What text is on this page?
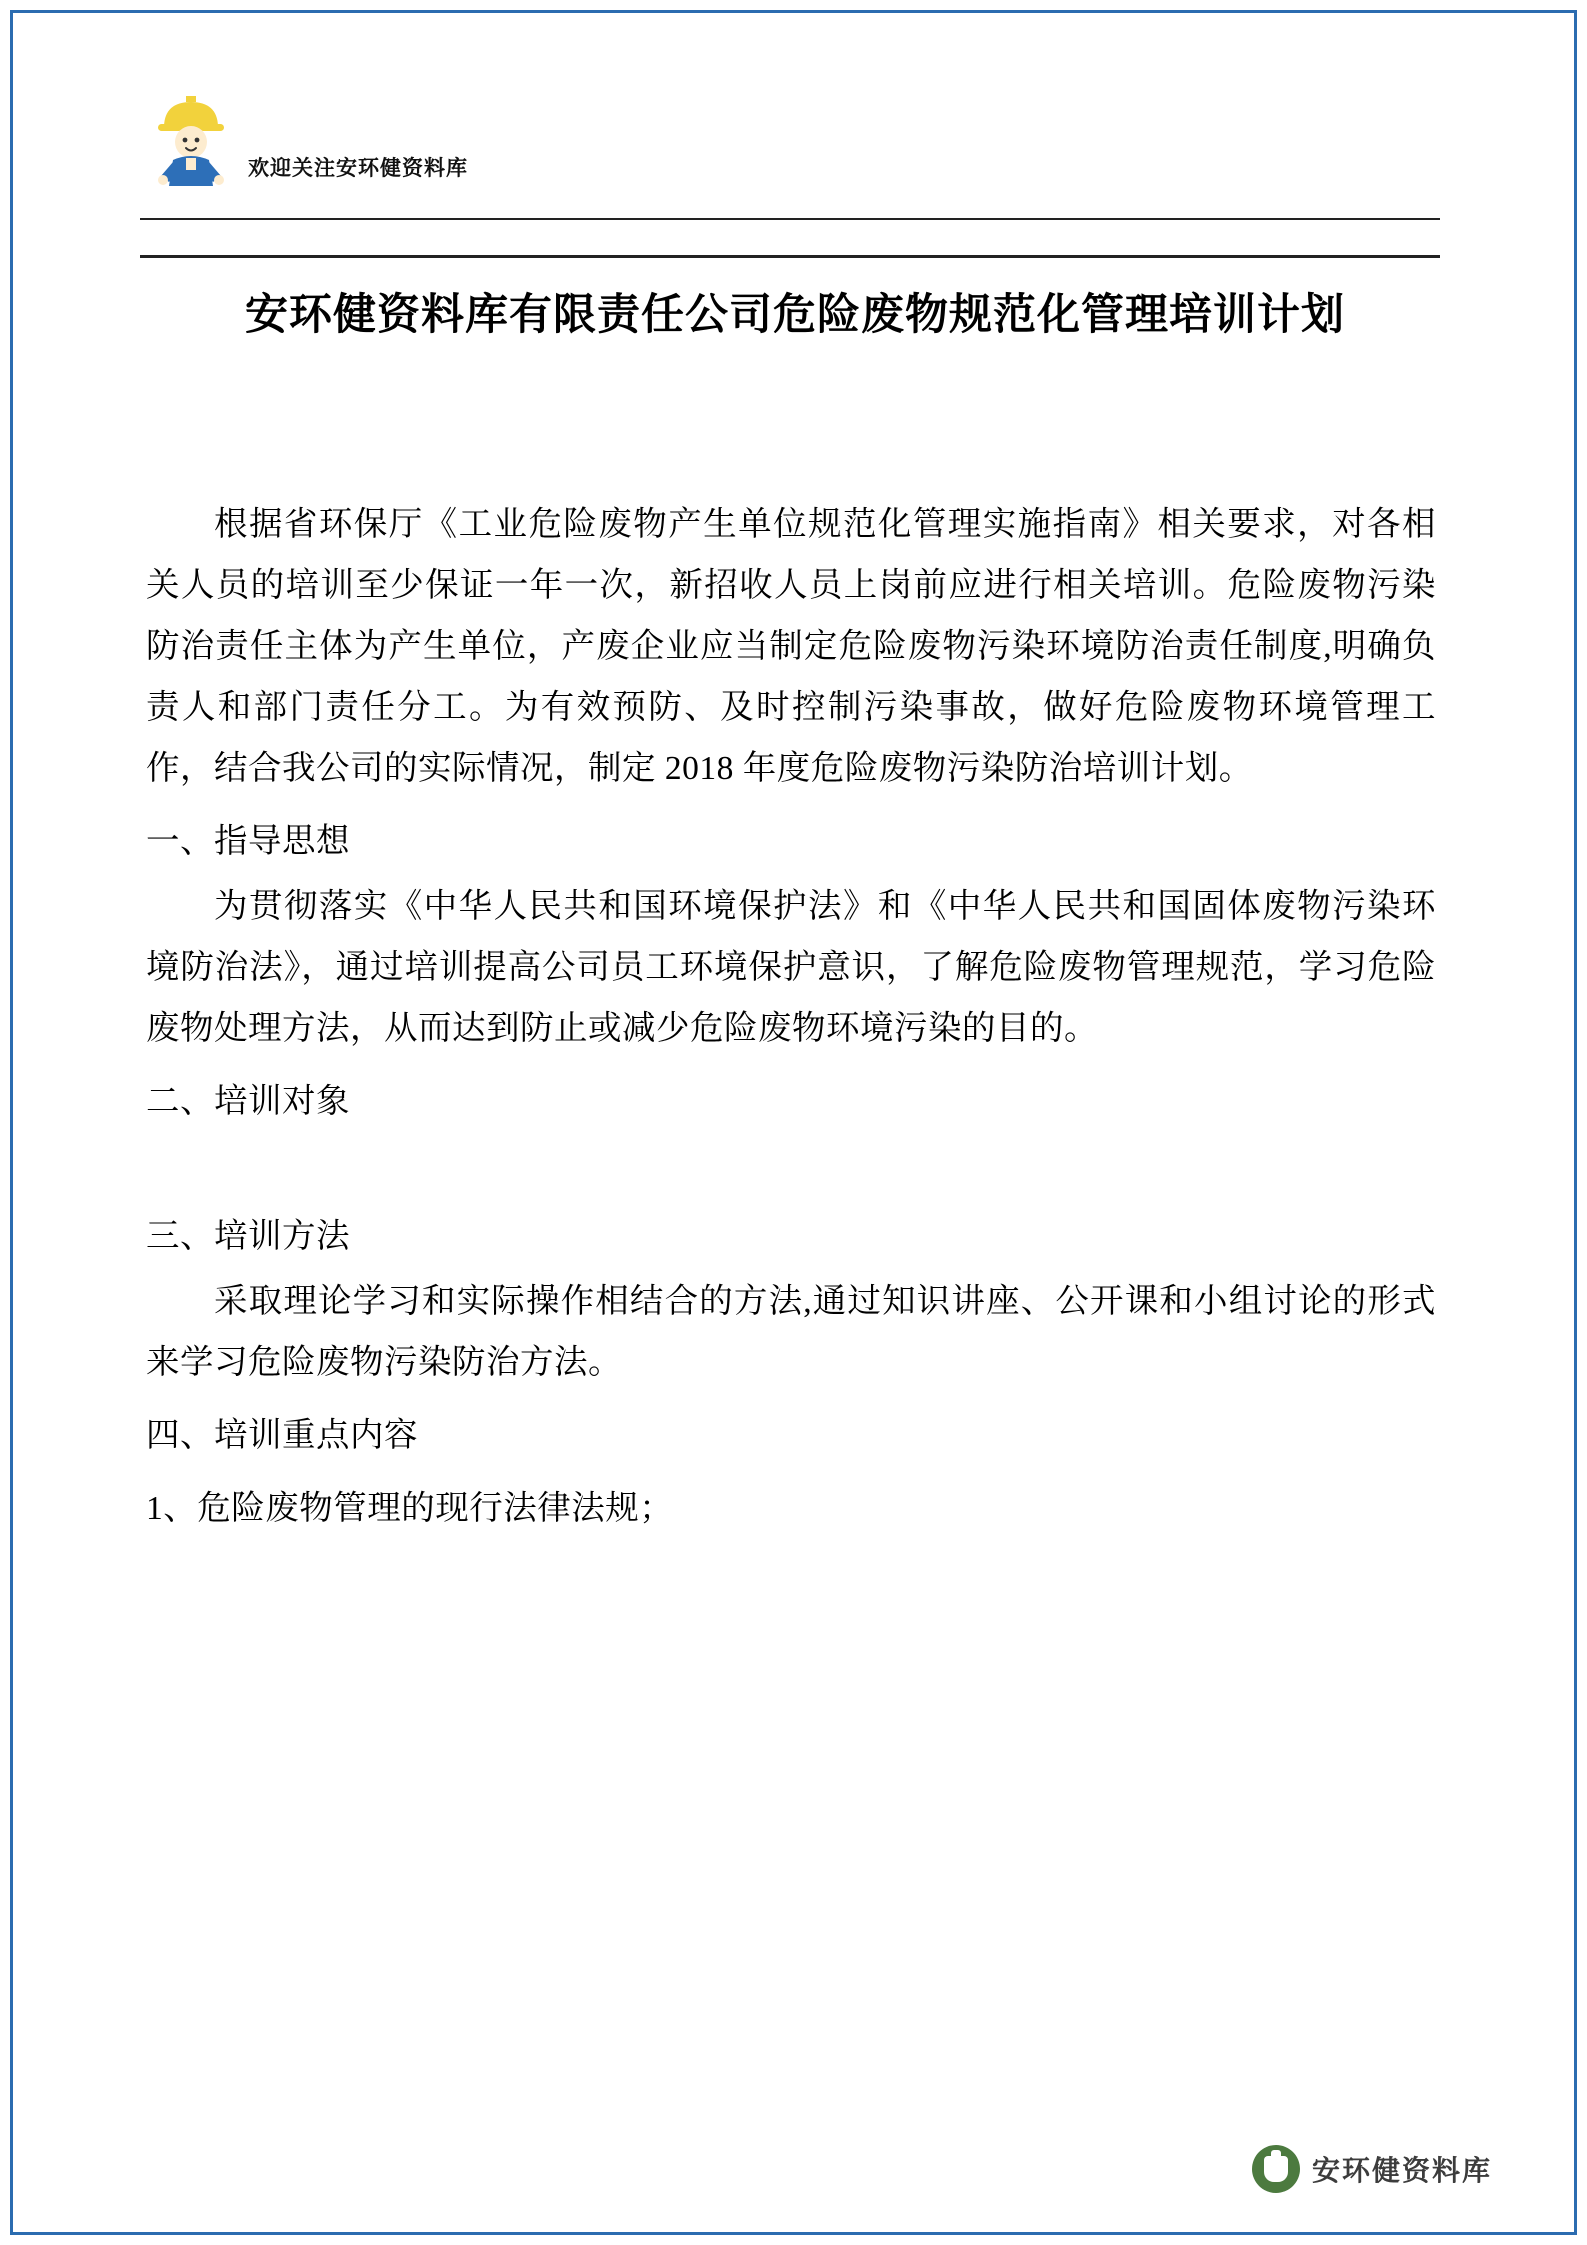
欢迎关注安环健资料库
安环健资料库有限责任公司危险废物规范化管理培训计划

根据省环保厅《工业危险废物产生单位规范化管理实施指南》相关要求，对各相关人员的培训至少保证一年一次，新招收人员上岗前应进行相关培训。危险废物污染防治责任主体为产生单位，产废企业应当制定危险废物污染环境防治责任制度,明确负责人和部门责任分工。为有效预防、及时控制污染事故，做好危险废物环境管理工作，结合我公司的实际情况，制定 2018 年度危险废物污染防治培训计划。

一、指导思想

为贯彻落实《中华人民共和国环境保护法》和《中华人民共和国固体废物污染环境防治法》，通过培训提高公司员工环境保护意识，了解危险废物管理规范，学习危险废物处理方法，从而达到防止或减少危险废物环境污染的目的。

二、培训对象

三、培训方法

采取理论学习和实际操作相结合的方法,通过知识讲座、公开课和小组讨论的形式来学习危险废物污染防治方法。

四、培训重点内容

1、危险废物管理的现行法律法规；

安环健资料库
